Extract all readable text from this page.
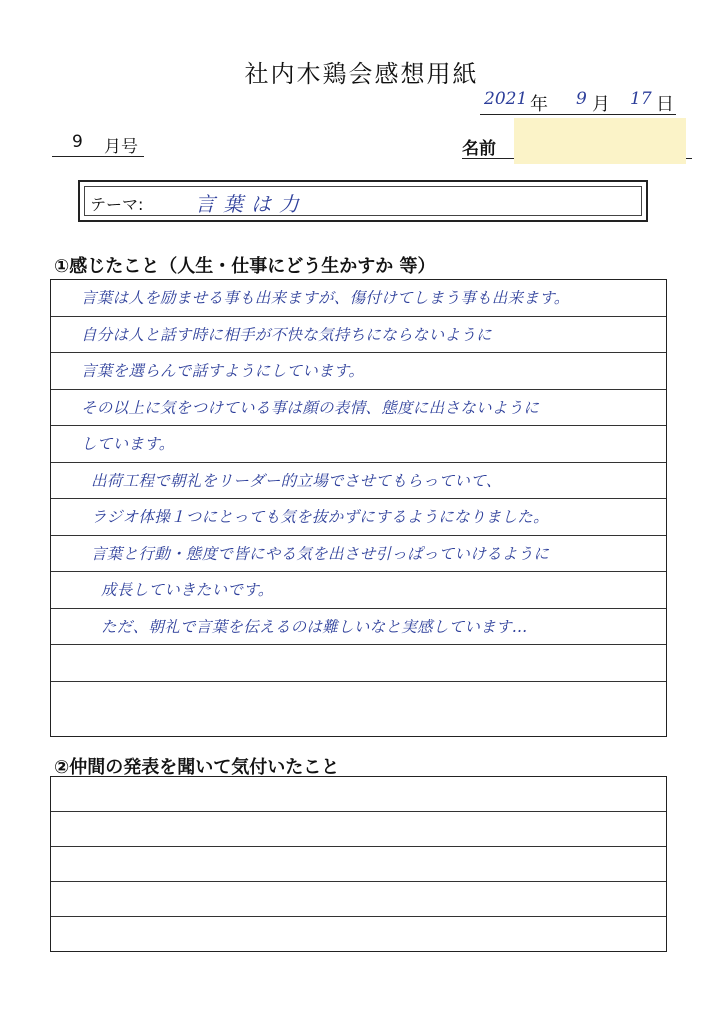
社内木鶏会感想用紙
2021 年 9 月 17 日
9 月号	名前
テーマ:	言葉は力
①感じたこと（人生・仕事にどう生かすか 等）
言葉は人を励ませる事も出来ますが、傷付けてしまう事も出来ます。
自分は人と話す時に相手が不快な気持ちにならないように
言葉を選らんで話すようにしています。
その以上に気をつけている事は顔の表情、態度に出さないように
しています。
出荷工程で朝礼をリーダー的立場でさせてもらっていて、
ラジオ体操１つにとっても気を抜かずにするようになりました。
言葉と行動・態度で皆にやる気を出させ引っぱっていけるように
成長していきたいです。
ただ、朝礼で言葉を伝えるのは難しいなと実感しています…
②仲間の発表を聞いて気付いたこと
